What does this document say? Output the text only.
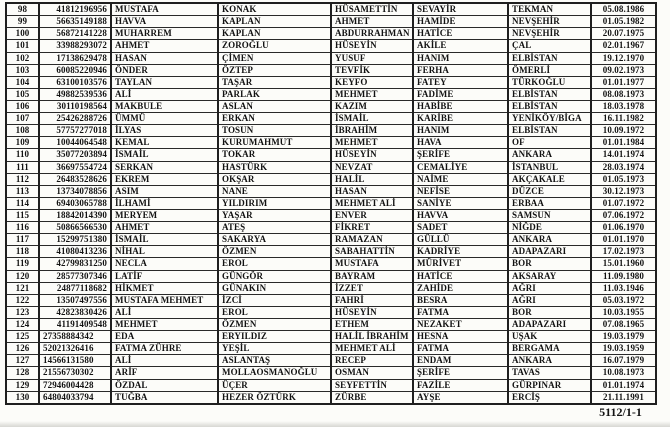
98	41812196956	MUSTAFA	KONAK	HÜSAMETTİN	SEVAYİR	TEKMAN	05.08.1986
99	56635149188	HAVVA	KAPLAN	AHMET	HAMİDE	NEVŞEHİR	01.05.1982
100	56872141228	MUHARREM	KAPLAN	ABDURRAHMAN	HATİCE	NEVŞEHİR	20.07.1975
101	33988293072	AHMET	ZOROĞLU	HÜSEYİN	AKİLE	ÇAL	02.01.1967
102	17138629478	HASAN	ÇİMEN	YUSUF	HANIM	ELBİSTAN	19.12.1970
103	60085220946	ÖNDER	ÖZTEP	TEVFİK	FERHA	ÖMERLİ	09.02.1973
104	63100103576	TAYLAN	TAŞAR	KEYFO	FATEY	TÜRKOĞLU	01.01.1977
105	49882539536	ALİ	PARLAK	MEHMET	FADİME	ELBİSTAN	08.08.1973
106	30110198564	MAKBULE	ASLAN	KAZIM	HABİBE	ELBİSTAN	18.03.1978
107	25426288726	ÜMMÜ	ERKAN	İSMAİL	KARİBE	YENİKÖY/BİGA	16.11.1982
108	57757277018	İLYAS	TOSUN	İBRAHİM	HANIM	ELBİSTAN	10.09.1972
109	10044064548	KEMAL	KURUMAHMUT	MEHMET	HAVA	OF	01.01.1984
110	35077203894	İSMAİL	TOKAR	HÜSEYİN	ŞERİFE	ANKARA	14.01.1974
111	36697554724	SERKAN	HASTÜRK	NEVZAT	CEMALİYE	İSTANBUL	28.03.1974
112	26483528626	EKREM	OKŞAR	HALİL	NAİME	AKÇAKALE	01.05.1973
113	13734078856	ASIM	NANE	HASAN	NEFİSE	DÜZCE	30.12.1973
114	69403065788	İLHAMİ	YILDIRIM	MEHMET ALİ	SANİYE	ERBAA	01.07.1972
115	18842014390	MERYEM	YAŞAR	ENVER	HAVVA	SAMSUN	07.06.1972
116	50866566530	AHMET	ATEŞ	FİKRET	SADET	NİĞDE	01.06.1970
117	15299751380	İSMAİL	SAKARYA	RAMAZAN	GÜLLÜ	ANKARA	01.01.1970
118	41080413236	NİHAL	ÖZMEN	SABAHATTİN	KADRİYE	ADAPAZARI	17.02.1973
119	42799831250	NECLA	EROL	MUSTAFA	MÜRİVET	BOR	15.01.1960
120	28577307346	LATİF	GÜNGÖR	BAYRAM	HATİCE	AKSARAY	11.09.1980
121	24877118682	HİKMET	GÜNAKIN	İZZET	ZAHİDE	AĞRI	11.03.1946
122	13507497556	MUSTAFA MEHMET	İZCİ	FAHRİ	BESRA	AĞRI	05.03.1972
123	42823830426	ALİ	EROL	HÜSEYİN	FATMA	BOR	10.03.1955
124	41191409548	MEHMET	ÖZMEN	ETHEM	NEZAKET	ADAPAZARI	07.08.1965
125	27358884342	EDA	ERYILDIZ	HALİL İBRAHİM	HESNA	UŞAK	19.03.1979
126	52021326416	FATMA ZÜHRE	YEŞİL	MEHMET ALİ	FATMA	BERGAMA	19.03.1959
127	14566131580	ALİ	ASLANTAŞ	RECEP	ENDAM	ANKARA	16.07.1979
128	21556730302	ARİF	MOLLAOSMANOĞLU	OSMAN	ŞERİFE	TAVAS	10.08.1973
129	72946004428	ÖZDAL	ÜÇER	SEYFETTİN	FAZİLE	GÜRPINAR	01.01.1974
130	64804033794	TUĞBA	HEZER ÖZTÜRK	ZÜRBE	AYŞE	ERCİŞ	21.11.1991
5112/1-1
